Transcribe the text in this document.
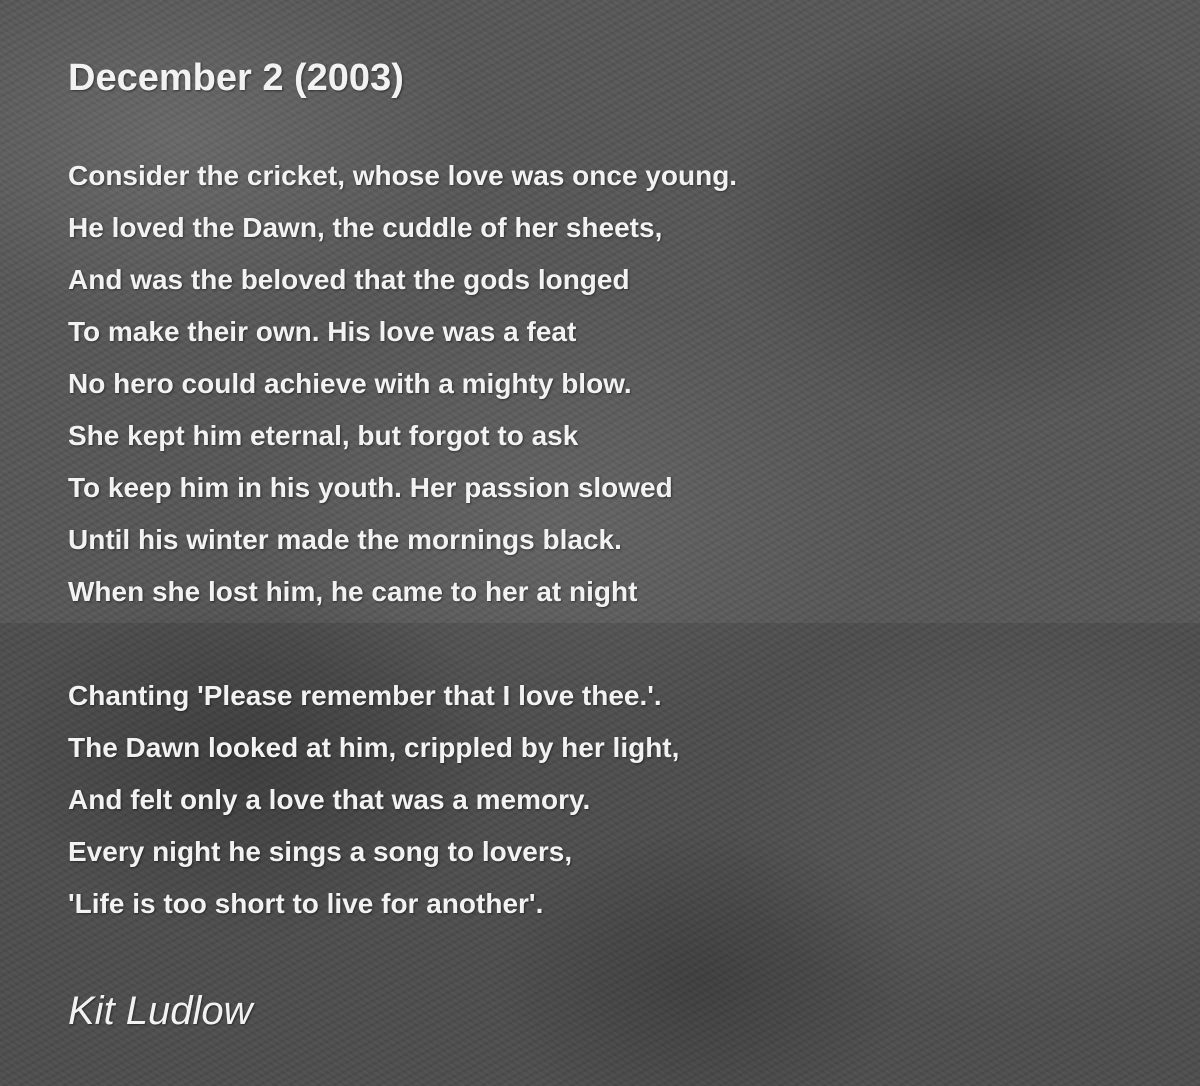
December 2 (2003)
Consider the cricket, whose love was once young.
He loved the Dawn, the cuddle of her sheets,
And was the beloved that the gods longed
To make their own. His love was a feat
No hero could achieve with a mighty blow.
She kept him eternal, but forgot to ask
To keep him in his youth. Her passion slowed
Until his winter made the mornings black.
When she lost him, he came to her at night
Chanting 'Please remember that I love thee.'.
The Dawn looked at him, crippled by her light,
And felt only a love that was a memory.
Every night he sings a song to lovers,
'Life is too short to live for another'.
Kit Ludlow
